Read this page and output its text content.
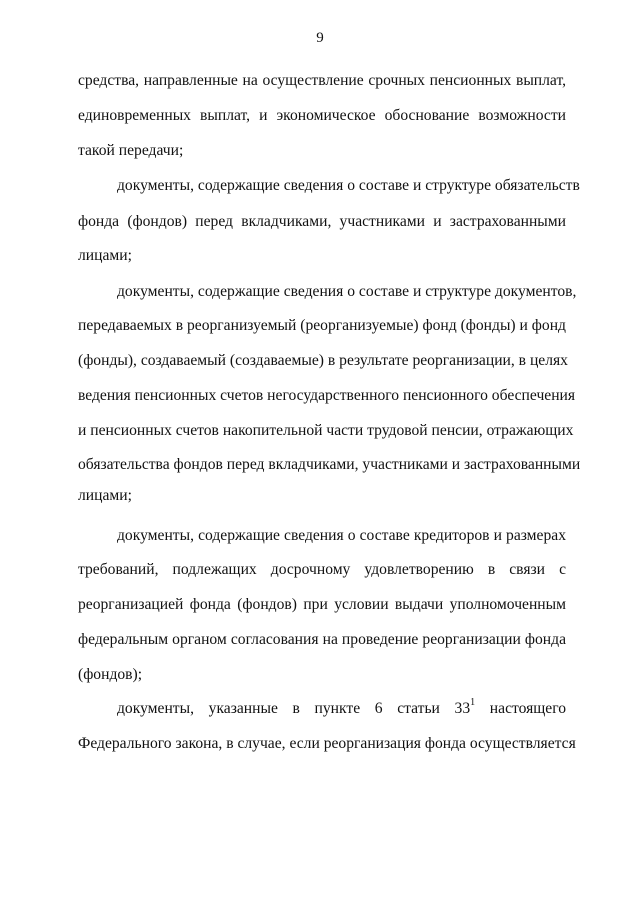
9
средства, направленные на осуществление срочных пенсионных выплат,
единовременных выплат, и экономическое обоснование возможности
такой передачи;
документы, содержащие сведения о составе и структуре обязательств
фонда (фондов) перед вкладчиками, участниками и застрахованными
лицами;
документы, содержащие сведения о составе и структуре документов,
передаваемых в реорганизуемый (реорганизуемые) фонд (фонды) и фонд
(фонды), создаваемый (создаваемые) в результате реорганизации, в целях
ведения пенсионных счетов негосударственного пенсионного обеспечения
и пенсионных счетов накопительной части трудовой пенсии, отражающих
обязательства фондов перед вкладчиками, участниками и застрахованными
лицами;
документы, содержащие сведения о составе кредиторов и размерах
требований, подлежащих досрочному удовлетворению в связи с
реорганизацией фонда (фондов) при условии выдачи уполномоченным
федеральным органом согласования на проведение реорганизации фонда
(фондов);
документы, указанные в пункте 6 статьи $33^1$ настоящего
Федерального закона, в случае, если реорганизация фонда осуществляется
